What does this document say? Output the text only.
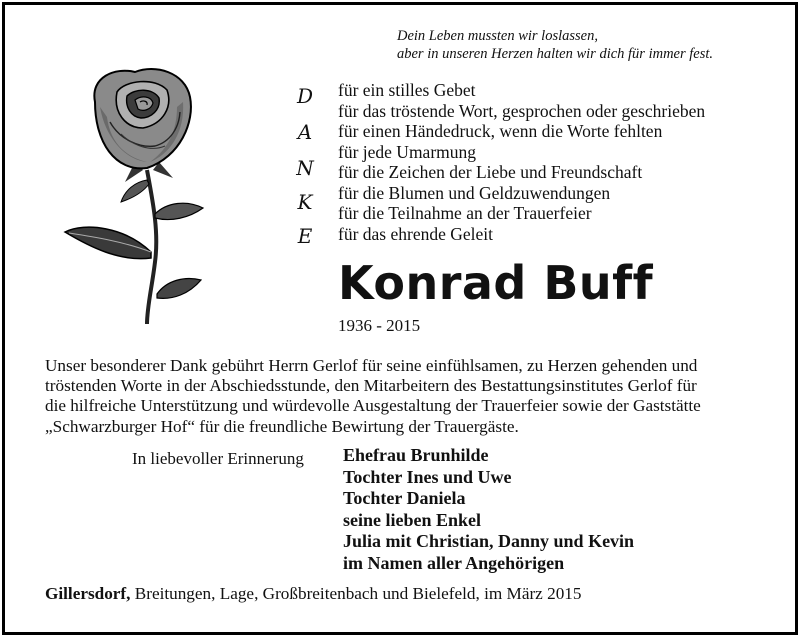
Dein Leben mussten wir loslassen,
aber in unseren Herzen halten wir dich für immer fest.
D
A
N
K
E
für ein stilles Gebet
für das tröstende Wort, gesprochen oder geschrieben
für einen Händedruck, wenn die Worte fehlten
für jede Umarmung
für die Zeichen der Liebe und Freundschaft
für die Blumen und Geldzuwendungen
für die Teilnahme an der Trauerfeier
für das ehrende Geleit
Konrad Buff
1936 - 2015
Unser besonderer Dank gebührt Herrn Gerlof für seine einfühlsamen, zu Herzen gehenden und
tröstenden Worte in der Abschiedsstunde, den Mitarbeitern des Bestattungsinstitutes Gerlof für
die hilfreiche Unterstützung und würdevolle Ausgestaltung der Trauerfeier sowie der Gaststätte
„Schwarzburger Hof“ für die freundliche Bewirtung der Trauergäste.
In liebevoller Erinnerung Ehefrau Brunhilde
Tochter Ines und Uwe
Tochter Daniela
seine lieben Enkel
Julia mit Christian, Danny und Kevin
im Namen aller Angehörigen
Gillersdorf, Breitungen, Lage, Großbreitenbach und Bielefeld, im März 2015
